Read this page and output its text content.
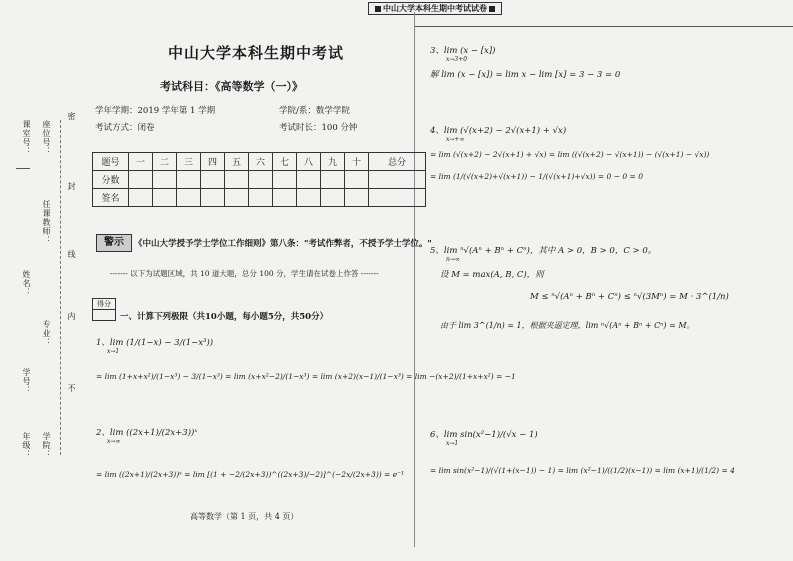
课室号： 座位号：
任课教师：
姓名：
专业：
学号：
年级： 学院：
密
封
线
内
不
中山大学本科生期中考试试卷
中山大学本科生期中考试
考试科目：《高等数学（一）》
学年学期：2019 学年第 1 学期	学院/系：数学学院
考试方式：闭卷	考试时长：100 分钟
题号	一	二	三	四	五	六	七	八	九	十	总分
分数											
签名											
警示	《中山大学授予学士学位工作细则》第八条："考试作弊者，不授予学士学位。"
------- 以下为试题区域，共 10 道大题，总分 100 分，学生请在试卷上作答 -------
得分
一、计算下列极限（共10小题，每小题5分，共50分）
1、lim (1/(1−x) − 3/(1−x³))
x→1
= lim (1+x+x²)/(1−x³) − 3/(1−x³) = lim (x+x²−2)/(1−x³) = lim (x+2)(x−1)/(1−x³) = lim −(x+2)/(1+x+x²) = −1
2、lim ((2x+1)/(2x+3))ˣ
x→∞
= lim ((2x+1)/(2x+3))ˣ = lim [(1 + −2/(2x+3))^((2x+3)/−2)]^(−2x/(2x+3)) = e⁻¹
高等数学（第 1 页，共 4 页）
3、lim (x − [x])
x→3+0
解 lim (x − [x]) = lim x − lim [x] = 3 − 3 = 0
4、lim (√(x+2) − 2√(x+1) + √x)
x→+∞
= lim (√(x+2) − 2√(x+1) + √x) = lim ((√(x+2) − √(x+1)) − (√(x+1) − √x))
= lim (1/(√(x+2)+√(x+1)) − 1/(√(x+1)+√x)) = 0 − 0 = 0
5、lim ⁿ√(Aⁿ + Bⁿ + Cⁿ)，其中 A > 0，B > 0，C > 0。
n→∞
设 M = max(A, B, C)，则
M ≤ ⁿ√(Aⁿ + Bⁿ + Cⁿ) ≤ ⁿ√(3Mⁿ) = M · 3^(1/n)
由于 lim 3^(1/n) = 1，根据夹逼定理，lim ⁿ√(Aⁿ + Bⁿ + Cⁿ) = M。
6、lim sin(x²−1)/(√x − 1)
x→1
= lim sin(x²−1)/(√(1+(x−1)) − 1) = lim (x²−1)/((1/2)(x−1)) = lim (x+1)/(1/2) = 4
